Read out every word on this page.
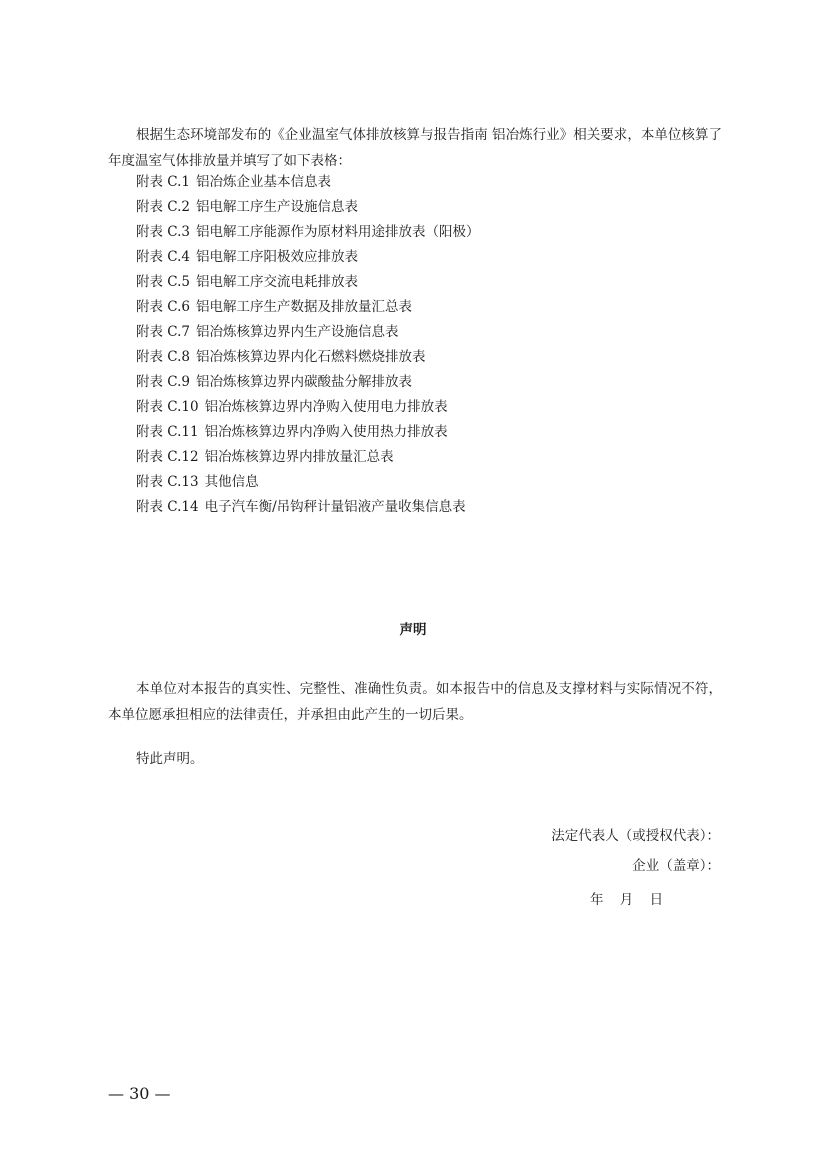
根据生态环境部发布的《企业温室气体排放核算与报告指南 铝冶炼行业》相关要求，本单位核算了年度温室气体排放量并填写了如下表格：

附表 C.1 铝冶炼企业基本信息表
附表 C.2 铝电解工序生产设施信息表
附表 C.3 铝电解工序能源作为原材料用途排放表（阳极）
附表 C.4 铝电解工序阳极效应排放表
附表 C.5 铝电解工序交流电耗排放表
附表 C.6 铝电解工序生产数据及排放量汇总表
附表 C.7 铝冶炼核算边界内生产设施信息表
附表 C.8 铝冶炼核算边界内化石燃料燃烧排放表
附表 C.9 铝冶炼核算边界内碳酸盐分解排放表
附表 C.10 铝冶炼核算边界内净购入使用电力排放表
附表 C.11 铝冶炼核算边界内净购入使用热力排放表
附表 C.12 铝冶炼核算边界内排放量汇总表
附表 C.13 其他信息
附表 C.14 电子汽车衡/吊钩秤计量铝液产量收集信息表
声明

本单位对本报告的真实性、完整性、准确性负责。如本报告中的信息及支撑材料与实际情况不符，本单位愿承担相应的法律责任，并承担由此产生的一切后果。

特此声明。

法定代表人（或授权代表）：
企业（盖章）：
年 月 日
— 30 —
